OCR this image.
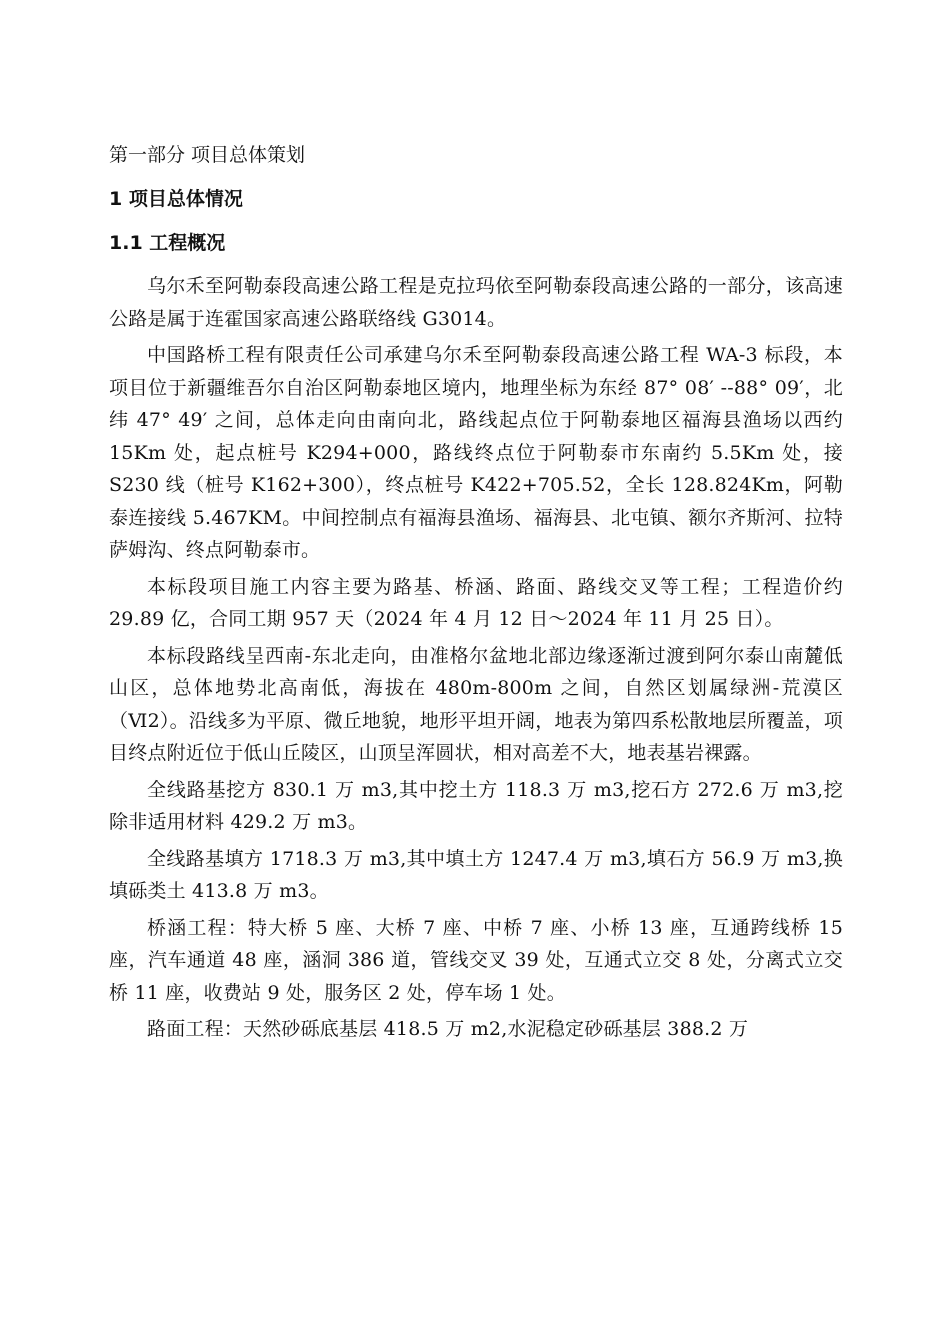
第一部分 项目总体策划
1 项目总体情况
1.1 工程概况

乌尔禾至阿勒泰段高速公路工程是克拉玛依至阿勒泰段高速公路的一部分，该高速公路是属于连霍国家高速公路联络线 G3014。

中国路桥工程有限责任公司承建乌尔禾至阿勒泰段高速公路工程 WA-3 标段，本项目位于新疆维吾尔自治区阿勒泰地区境内，地理坐标为东经 87° 08′ --88° 09′，北纬 47° 49′ 之间，总体走向由南向北，路线起点位于阿勒泰地区福海县渔场以西约 15Km 处，起点桩号 K294+000，路线终点位于阿勒泰市东南约 5.5Km 处，接 S230 线（桩号 K162+300），终点桩号 K422+705.52，全长 128.824Km，阿勒泰连接线 5.467KM。中间控制点有福海县渔场、福海县、北屯镇、额尔齐斯河、拉特萨姆沟、终点阿勒泰市。

本标段项目施工内容主要为路基、桥涵、路面、路线交叉等工程；工程造价约 29.89 亿，合同工期 957 天（2024 年 4 月 12 日～2024 年 11 月 25 日）。

本标段路线呈西南-东北走向，由准格尔盆地北部边缘逐渐过渡到阿尔泰山南麓低山区，总体地势北高南低，海拔在 480m-800m 之间，自然区划属绿洲-荒漠区（Ⅵ2）。沿线多为平原、微丘地貌，地形平坦开阔，地表为第四系松散地层所覆盖，项目终点附近位于低山丘陵区，山顶呈浑圆状，相对高差不大，地表基岩裸露。

全线路基挖方 830.1 万 m3,其中挖土方 118.3 万 m3,挖石方 272.6 万 m3,挖除非适用材料 429.2 万 m3。

全线路基填方 1718.3 万 m3,其中填土方 1247.4 万 m3,填石方 56.9 万 m3,换填砾类土 413.8 万 m3。

桥涵工程：特大桥 5 座、大桥 7 座、中桥 7 座、小桥 13 座，互通跨线桥 15 座，汽车通道 48 座，涵洞 386 道，管线交叉 39 处，互通式立交 8 处，分离式立交桥 11 座，收费站 9 处，服务区 2 处，停车场 1 处。

路面工程：天然砂砾底基层 418.5 万 m2,水泥稳定砂砾基层 388.2 万
